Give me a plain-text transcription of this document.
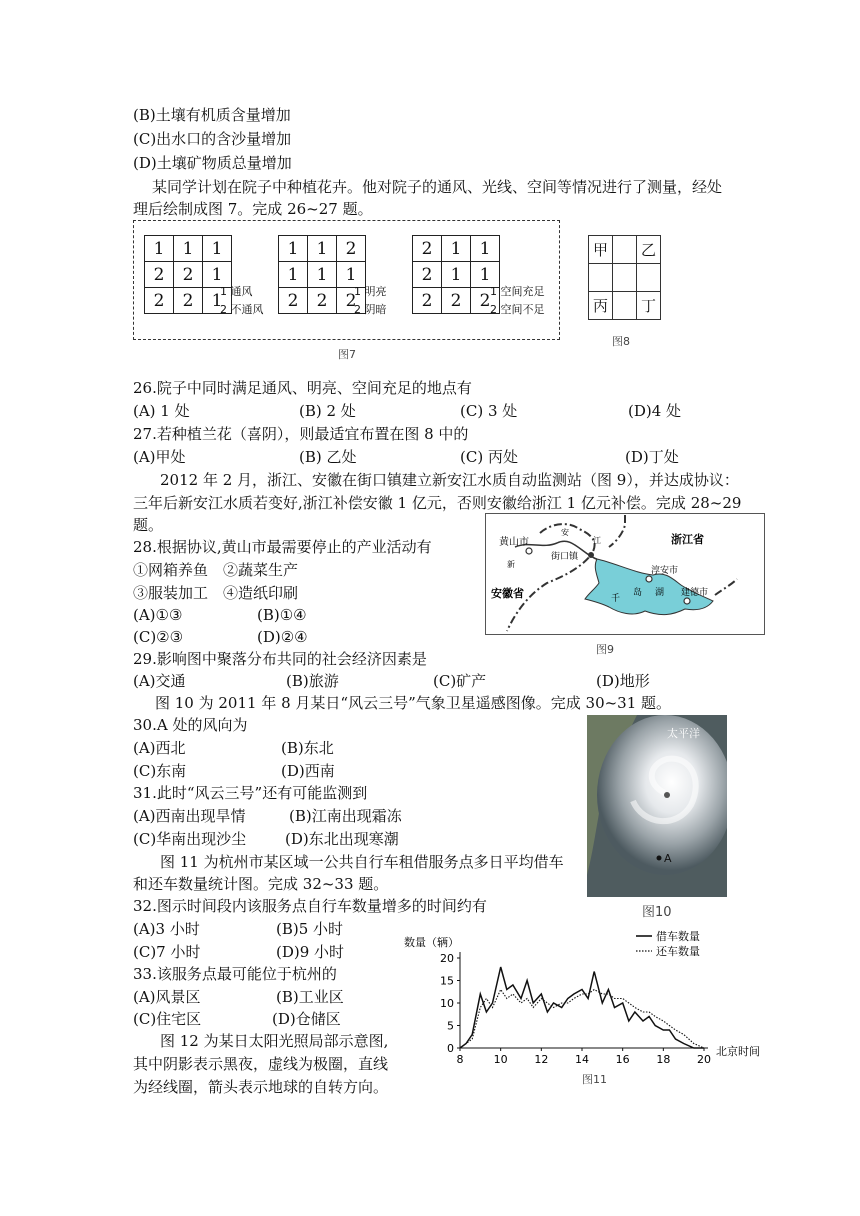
(B)土壤有机质含量增加
(C)出水口的含沙量增加
(D)土壤矿物质总量增加
某同学计划在院子中种植花卉。他对院子的通风、光线、空间等情况进行了测量，经处
理后绘制成图 7。完成 26~27 题。
1	1	1
2	2	1
2	2	1
1 通风
2 不通风
1	1	2
1	1	1
2	2	2
1 明亮
2 阴暗
2	1	1
2	1	1
2	2	2 1 空间充足
2 空间不足
图7
甲		乙

丙		丁
图8
26.院子中同时满足通风、明亮、空间充足的地点有
(A) 1 处	(B) 2 处	(C) 3 处	(D)4 处
27.若种植兰花（喜阴），则最适宜布置在图 8 中的
(A)甲处	(B) 乙处	(C) 丙处	(D)丁处
2012 年 2 月，浙江、安徽在街口镇建立新安江水质自动监测站（图 9），并达成协议：
三年后新安江水质若变好,浙江补偿安徽 1 亿元，否则安徽给浙江 1 亿元补偿。完成 28~29
题。
黄山市
安
江
新
街口镇
浙江省
安徽省
淳安市
建德市
千
岛 湖
图9
28.根据协议,黄山市最需要停止的产业活动有
①网箱养鱼　②蔬菜生产
③服装加工　④造纸印刷
(A)①③	(B)①④
(C)②③	(D)②④
29.影响图中聚落分布共同的社会经济因素是
(A)交通	(B)旅游	(C)矿产	(D)地形
图 10 为 2011 年 8 月某日“风云三号”气象卫星遥感图像。完成 30~31 题。
太平洋
A
图10
30.A 处的风向为
(A)西北	(B)东北
(C)东南	(D)西南
31.此时“风云三号”还有可能监测到
(A)西南出现旱情	(B)江南出现霜冻
(C)华南出现沙尘	(D)东北出现寒潮
图 11 为杭州市某区域一公共自行车租借服务点多日平均借车
和还车数量统计图。完成 32~33 题。
32.图示时间段内该服务点自行车数量增多的时间约有
(A)3 小时	(B)5 小时
(C)7 小时	(D)9 小时
33.该服务点最可能位于杭州的
(A)风景区	(B)工业区
(C)住宅区	(D)仓储区
图 12 为某日太阳光照局部示意图,
其中阴影表示黑夜，虚线为极圈，直线
为经线圈，箭头表示地球的自转方向。
数量（辆）	借车数量
还车数量
北京时间
0
5
10
15
20
8	10 12 14 16 18 20
图11
